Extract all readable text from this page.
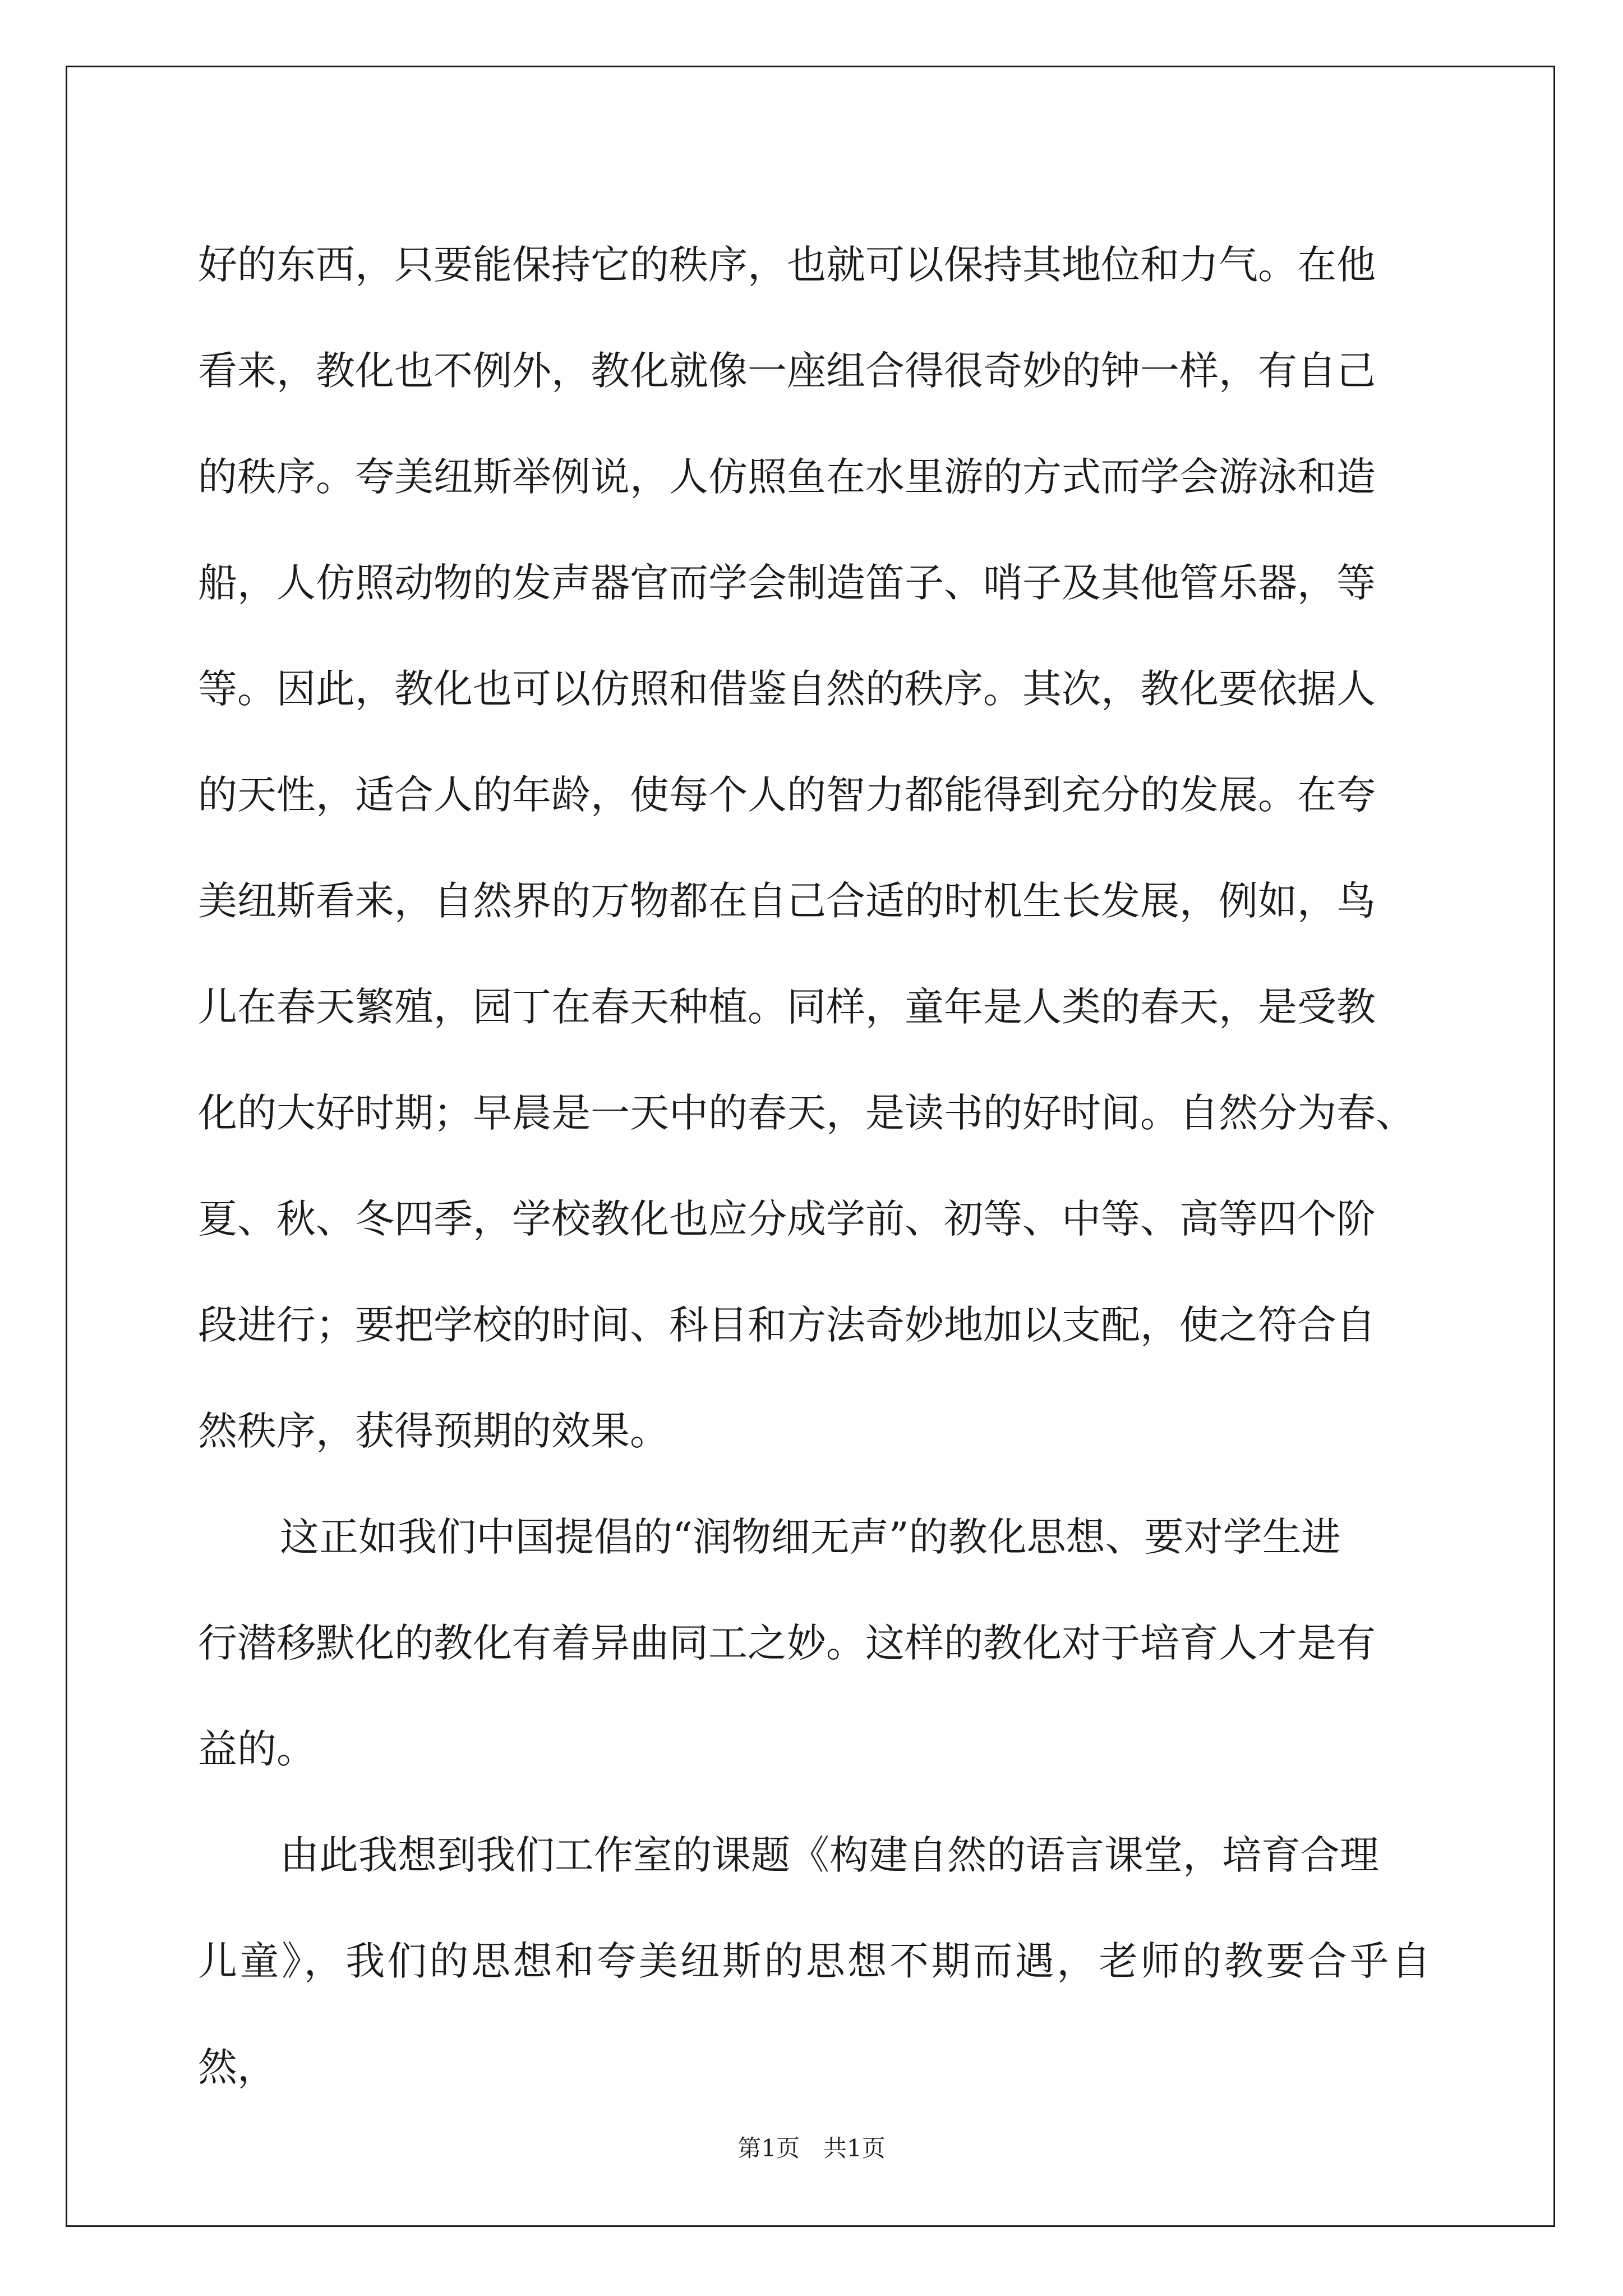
好的东西，只要能保持它的秩序，也就可以保持其地位和力气。在他
看来，教化也不例外，教化就像一座组合得很奇妙的钟一样，有自己
的秩序。夸美纽斯举例说，人仿照鱼在水里游的方式而学会游泳和造
船，人仿照动物的发声器官而学会制造笛子、哨子及其他管乐器，等
等。因此，教化也可以仿照和借鉴自然的秩序。其次，教化要依据人
的天性，适合人的年龄，使每个人的智力都能得到充分的发展。在夸
美纽斯看来，自然界的万物都在自己合适的时机生长发展，例如，鸟
儿在春天繁殖，园丁在春天种植。同样，童年是人类的春天，是受教
化的大好时期；早晨是一天中的春天，是读书的好时间。自然分为春、
夏、秋、冬四季，学校教化也应分成学前、初等、中等、高等四个阶
段进行；要把学校的时间、科目和方法奇妙地加以支配，使之符合自
然秩序，获得预期的效果。

这正如我们中国提倡的“润物细无声”的教化思想、要对学生进
行潜移默化的教化有着异曲同工之妙。这样的教化对于培育人才是有
益的。

由此我想到我们工作室的课题《构建自然的语言课堂，培育合理
儿童》，我们的思想和夸美纽斯的思想不期而遇，老师的教要合乎自然，

第1页　共1页
